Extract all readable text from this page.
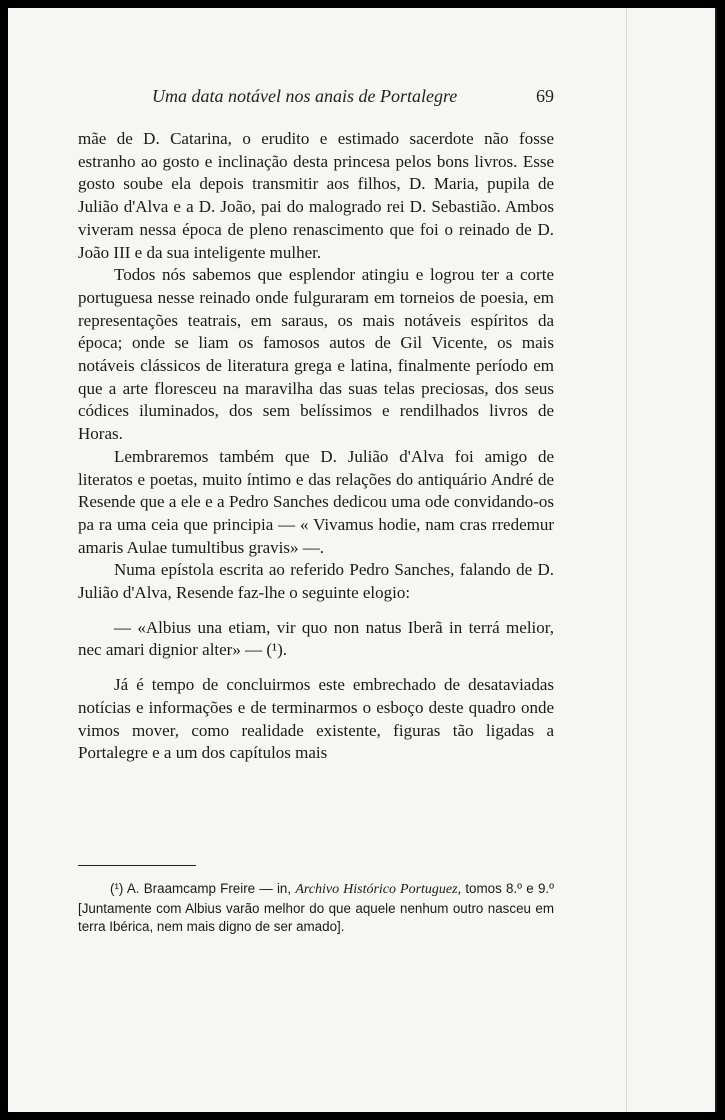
Uma data notável nos anais de Portalegre	69

mãe de D. Catarina, o erudito e estimado sacerdote não fosse estranho ao gosto e inclinação desta princesa pelos bons livros. Esse gosto soube ela depois transmitir aos filhos, D. Maria, pupila de Julião d'Alva e a D. João, pai do malogrado rei D. Sebastião. Ambos viveram nessa época de pleno renascimento que foi o reinado de D. João III e da sua inteligente mulher.

Todos nós sabemos que esplendor atingiu e logrou ter a corte portuguesa nesse reinado onde fulguraram em torneios de poesia, em representações teatrais, em saraus, os mais notáveis espíritos da época; onde se liam os famosos autos de Gil Vicente, os mais notáveis clássicos de literatura grega e latina, finalmente período em que a arte floresceu na maravilha das suas telas preciosas, dos seus códices iluminados, dos sem belíssimos e rendilhados livros de Horas.

Lembraremos também que D. Julião d'Alva foi amigo de literatos e poetas, muito íntimo e das relações do antiquário André de Resende que a ele e a Pedro Sanches dedicou uma ode convidando-os pa ra uma ceia que principia — « Vivamus hodie, nam cras rredemur amaris Aulae tumultibus gravis» —.

Numa epístola escrita ao referido Pedro Sanches, falando de D. Julião d'Alva, Resende faz-lhe o seguinte elogio:

— «Albius una etiam, vir quo non natus Iberã in terrá melior, nec amari dignior alter» — (¹).

Já é tempo de concluirmos este embrechado de desataviadas notícias e informações e de terminarmos o esboço deste quadro onde vimos mover, como realidade existente, figuras tão ligadas a Portalegre e a um dos capítulos mais

(¹) A. Braamcamp Freire — in, Archivo Histórico Portuguez, tomos 8.º e 9.º [Juntamente com Albius varão melhor do que aquele nenhum outro nasceu em terra Ibérica, nem mais digno de ser amado].
